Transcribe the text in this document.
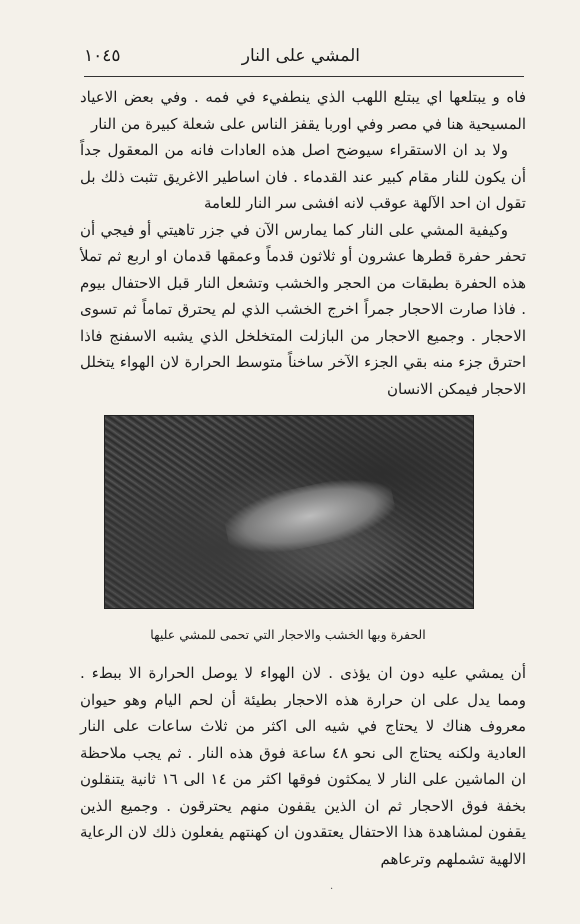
المشي على النار
١٠٤٥

فاه و يبتلعها اي يبتلع اللهب الذي ينطفيء في فمه . وفي بعض الاعياد المسيحية هنا في مصر وفي اوربا يقفز الناس على شعلة كبيرة من النار

ولا بد ان الاستقراء سيوضح اصل هذه العادات فانه من المعقول جداً أن يكون للنار مقام كبير عند القدماء . فان اساطير الاغريق تثبت ذلك بل تقول ان احد الآلهة عوقب لانه افشى سر النار للعامة

وكيفية المشي على النار كما يمارس الآن في جزر تاهيتي أو فيجي أن تحفر حفرة قطرها عشرون أو ثلاثون قدماً وعمقها قدمان او اربع ثم تملأ هذه الحفرة بطبقات من الحجر والخشب وتشعل النار قبل الاحتفال بيوم . فاذا صارت الاحجار جمراً اخرج الخشب الذي لم يحترق تماماً ثم تسوى الاحجار . وجميع الاحجار من البازلت المتخلخل الذي يشبه الاسفنج فاذا احترق جزء منه بقي الجزء الآخر ساخناً متوسط الحرارة لان الهواء يتخلل الاحجار فيمكن الانسان

الحفرة وبها الخشب والاحجار التي تحمى للمشي عليها

أن يمشي عليه دون ان يؤذى . لان الهواء لا يوصل الحرارة الا ببطء . ومما يدل على ان حرارة هذه الاحجار بطيئة أن لحم اليام وهو حيوان معروف هناك لا يحتاج في شيه الى اكثر من ثلاث ساعات على النار العادية ولكنه يحتاج الى نحو ٤٨ ساعة فوق هذه النار . ثم يجب ملاحظة ان الماشين على النار لا يمكثون فوقها اكثر من ١٤ الى ١٦ ثانية يتنقلون بخفة فوق الاحجار ثم ان الذين يقفون منهم يحترقون . وجميع الذين يقفون لمشاهدة هذا الاحتفال يعتقدون ان كهنتهم يفعلون ذلك لان الرعاية الالهية تشملهم وترعاهم

·
